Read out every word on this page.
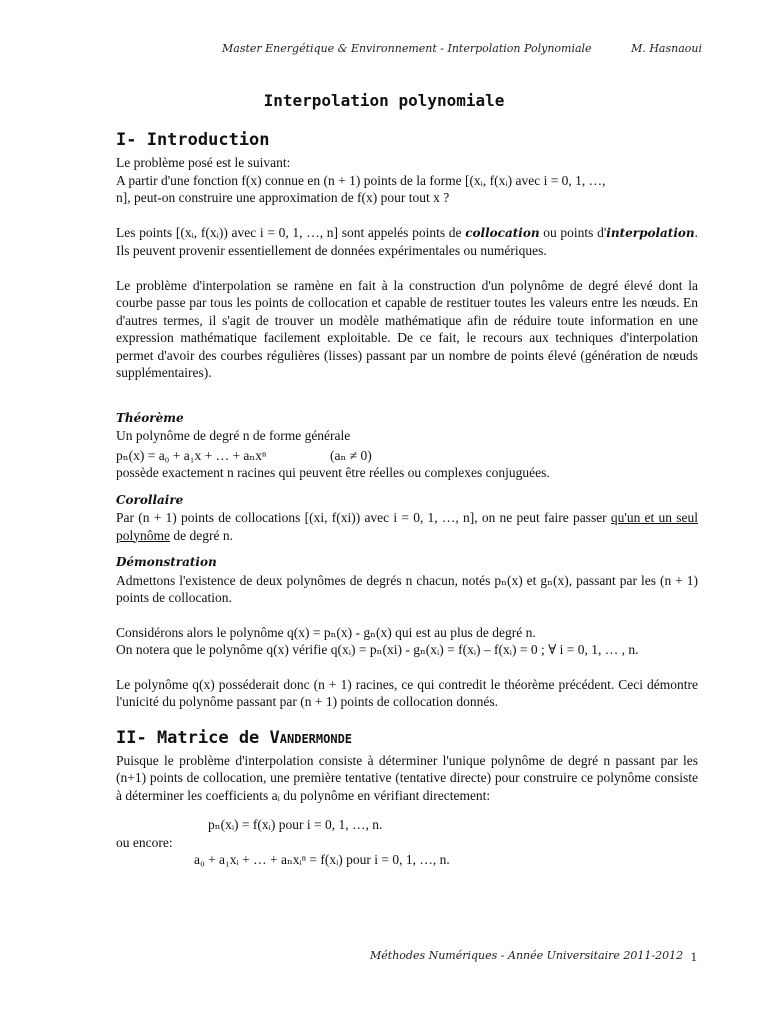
Master Energétique & Environnement - Interpolation Polynomiale	M. Hasnaoui
Interpolation polynomiale
I- Introduction

Le problème posé est le suivant:

A partir d'une fonction f(x) connue en (n + 1) points de la forme [(xᵢ, f(xᵢ) avec i = 0, 1, …,

n], peut-on construire une approximation de f(x) pour tout x ?

Les points [(xᵢ, f(xᵢ)) avec i = 0, 1, …, n] sont appelés points de collocation ou points d'interpolation. Ils peuvent provenir essentiellement de données expérimentales ou numériques.

Le problème d'interpolation se ramène en fait à la construction d'un polynôme de degré élevé dont la courbe passe par tous les points de collocation et capable de restituer toutes les valeurs entre les nœuds. En d'autres termes, il s'agit de trouver un modèle mathématique afin de réduire toute information en une expression mathématique facilement exploitable. De ce fait, le recours aux techniques d'interpolation permet d'avoir des courbes régulières (lisses) passant par un nombre de points élevé (génération de nœuds supplémentaires).

Théorème

Un polynôme de degré n de forme générale

pₙ(x) = a₀ + a₁x + … + aₙxⁿ	(aₙ ≠ 0)

possède exactement n racines qui peuvent être réelles ou complexes conjuguées.

Corollaire

Par (n + 1) points de collocations [(xi, f(xi)) avec i = 0, 1, …, n], on ne peut faire passer qu'un et un seul polynôme de degré n.

Démonstration

Admettons l'existence de deux polynômes de degrés n chacun, notés pₙ(x) et gₙ(x), passant par les (n + 1) points de collocation.

Considérons alors le polynôme q(x) = pₙ(x) - gₙ(x) qui est au plus de degré n.

On notera que le polynôme q(x) vérifie q(xᵢ) = pₙ(xi) - gₙ(xᵢ) = f(xᵢ) – f(xᵢ) = 0 ; ∀ i = 0, 1, … , n.

Le polynôme q(x) posséderait donc (n + 1) racines, ce qui contredit le théorème précédent. Ceci démontre l'unicité du polynôme passant par (n + 1) points de collocation donnés.

II- Matrice de Vandermonde

Puisque le problème d'interpolation consiste à déterminer l'unique polynôme de degré n passant par les (n+1) points de collocation, une première tentative (tentative directe) pour construire ce polynôme consiste à déterminer les coefficients aᵢ du polynôme en vérifiant directement:

pₙ(xᵢ) = f(xᵢ) pour i = 0, 1, …, n.

ou encore:

a₀ + a₁xᵢ + … + aₙxᵢⁿ = f(xᵢ) pour i = 0, 1, …, n.

Méthodes Numériques - Année Universitaire 2011-2012 1
